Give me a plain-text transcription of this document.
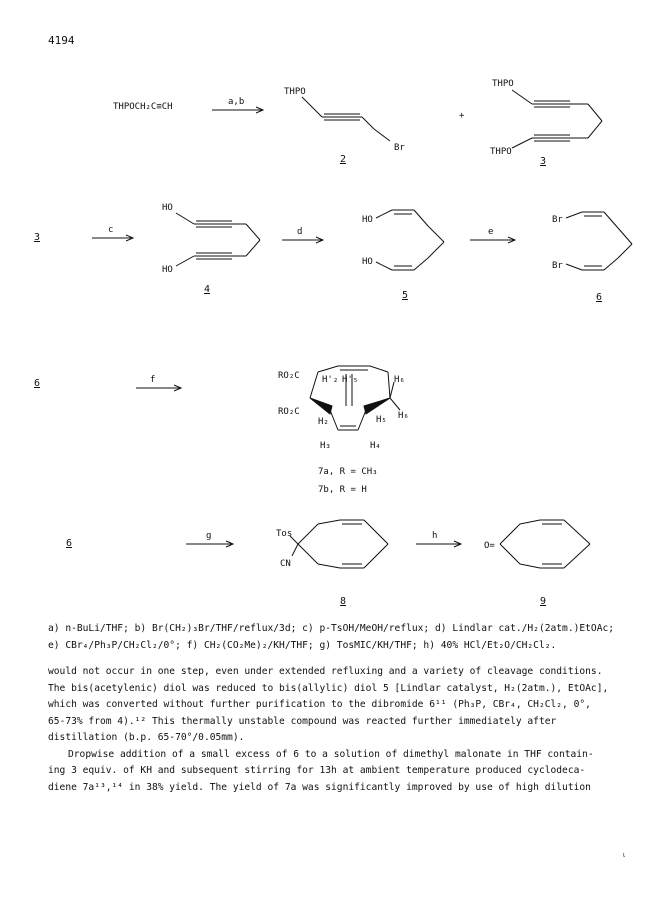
4194
THPOCH₂C≡CH	a,b
THPO
Br
2
+
THPO
THPO
3
3
c
HO
HO
4
d
HO
HO
5
e
Br
Br
6
6	f	RO₂C
RO₂C
H'₂ H'₅	H₆
H₆
H₂	H₅
H₃	H₄
7a, R = CH₃
7b, R = H
6
g	Tos
CN
8
h
O=
9

a) n-BuLi/THF; b) Br(CH₂)₃Br/THF/reflux/3d; c) p-TsOH/MeOH/reflux; d) Lindlar cat./H₂(2atm.)EtOAc;

e) CBr₄/Ph₃P/CH₂Cl₂/0°; f) CH₂(CO₂Me)₂/KH/THF; g) TosMIC/KH/THF; h) 40% HCl/Et₂O/CH₂Cl₂.

would not occur in one step, even under extended refluxing and a variety of cleavage conditions.

The bis(acetylenic) diol was reduced to bis(allylic) diol 5 [Lindlar catalyst, H₂(2atm.), EtOAc],

which was converted without further purification to the dibromide 6¹¹ (Ph₃P, CBr₄, CH₂Cl₂, 0°,

65-73% from 4).¹² This thermally unstable compound was reacted further immediately after

distillation (b.p. 65-70°/0.05mm).

Dropwise addition of a small excess of 6 to a solution of dimethyl malonate in THF contain-

ing 3 equiv. of KH and subsequent stirring for 13h at ambient temperature produced cyclodeca-

diene 7a¹³,¹⁴ in 38% yield. The yield of 7a was significantly improved by use of high dilution

ι
